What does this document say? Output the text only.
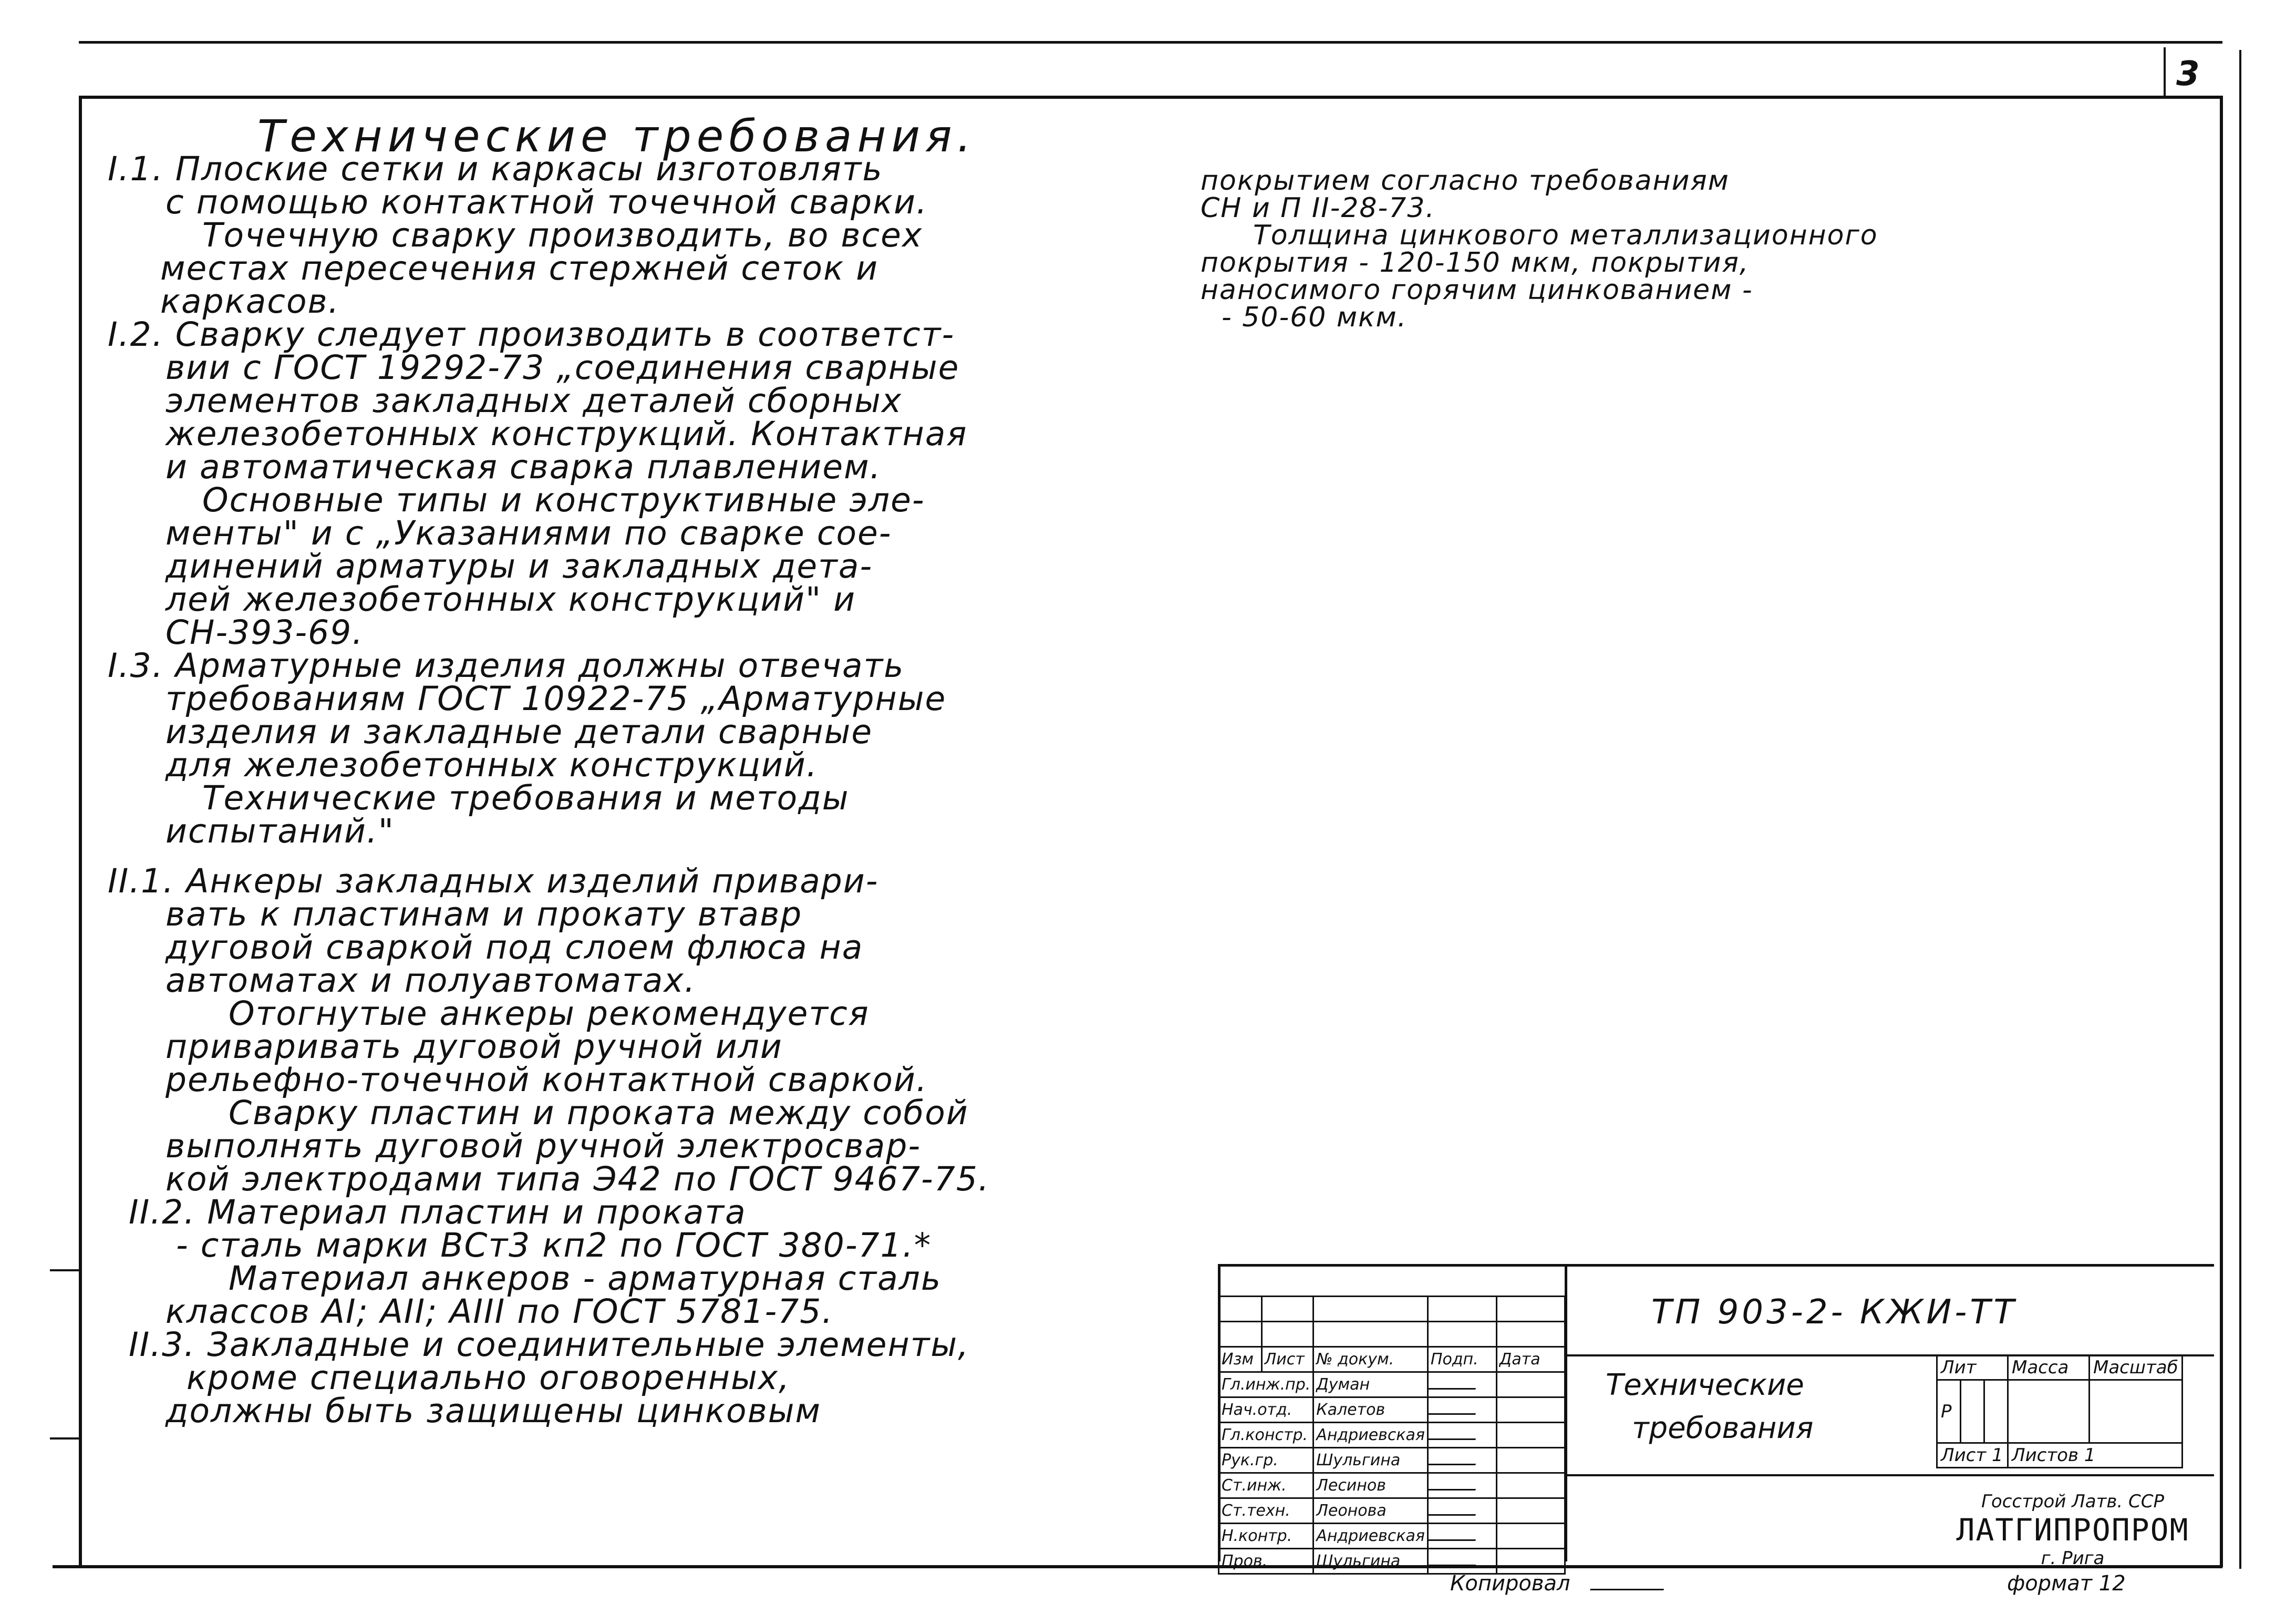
3
Технические требования.

I.1. Плоские сетки и каркасы изготовлять

с помощью контактной точечной сварки.

Точечную сварку производить, во всех

местах пересечения стержней сеток и

каркасов.

I.2. Сварку следует производить в соответст-

вии с ГОСТ 19292-73 „соединения сварные

элементов закладных деталей сборных

железобетонных конструкций. Контактная

и автоматическая сварка плавлением.

Основные типы и конструктивные эле-

менты" и с „Указаниями по сварке сое-

динений арматуры и закладных дета-

лей железобетонных конструкций" и

СН-393-69.

I.3. Арматурные изделия должны отвечать

требованиям ГОСТ 10922-75 „Арматурные

изделия и закладные детали сварные

для железобетонных конструкций.

Технические требования и методы

испытаний."

II.1. Анкеры закладных изделий привари-

вать к пластинам и прокату втавр

дуговой сваркой под слоем флюса на

автоматах и полуавтоматах.

Отогнутые анкеры рекомендуется

приваривать дуговой ручной или

рельефно-точечной контактной сваркой.

Сварку пластин и проката между собой

выполнять дуговой ручной электросвар-

кой электродами типа Э42 по ГОСТ 9467-75.

II.2. Материал пластин и проката

- сталь марки ВСт3 кп2 по ГОСТ 380-71.*

Материал анкеров - арматурная сталь

классов AI; AII; AIII по ГОСТ 5781-75.

II.3. Закладные и соединительные элементы,

кроме специально оговоренных,

должны быть защищены цинковым

покрытием согласно требованиям

СН и П II-28-73.

Толщина цинкового металлизационного

покрытия - 120-150 мкм, покрытия,

наносимого горячим цинкованием -

- 50-60 мкм.

Изм	Лист	№ докум.	Подп.	Дата
Гл.инж.пр.		Думан		
Нач.отд.		Калетов		
Гл.констр.		Андриевская		
Рук.гр.		Шульгина		
Ст.инж.		Лесинов		
Ст.техн.		Леонова		
Н.контр.		Андриевская		
Пров.		Шульгина		
ТП 903-2- КЖИ-ТТ
Технические
требования
Лит			Масса	Масштаб
Р				
Лист 1			Листов 1	
Госстрой Латв. ССР
ЛАТГИПРОПРОМ
г. Рига
Копировал	формат 12
